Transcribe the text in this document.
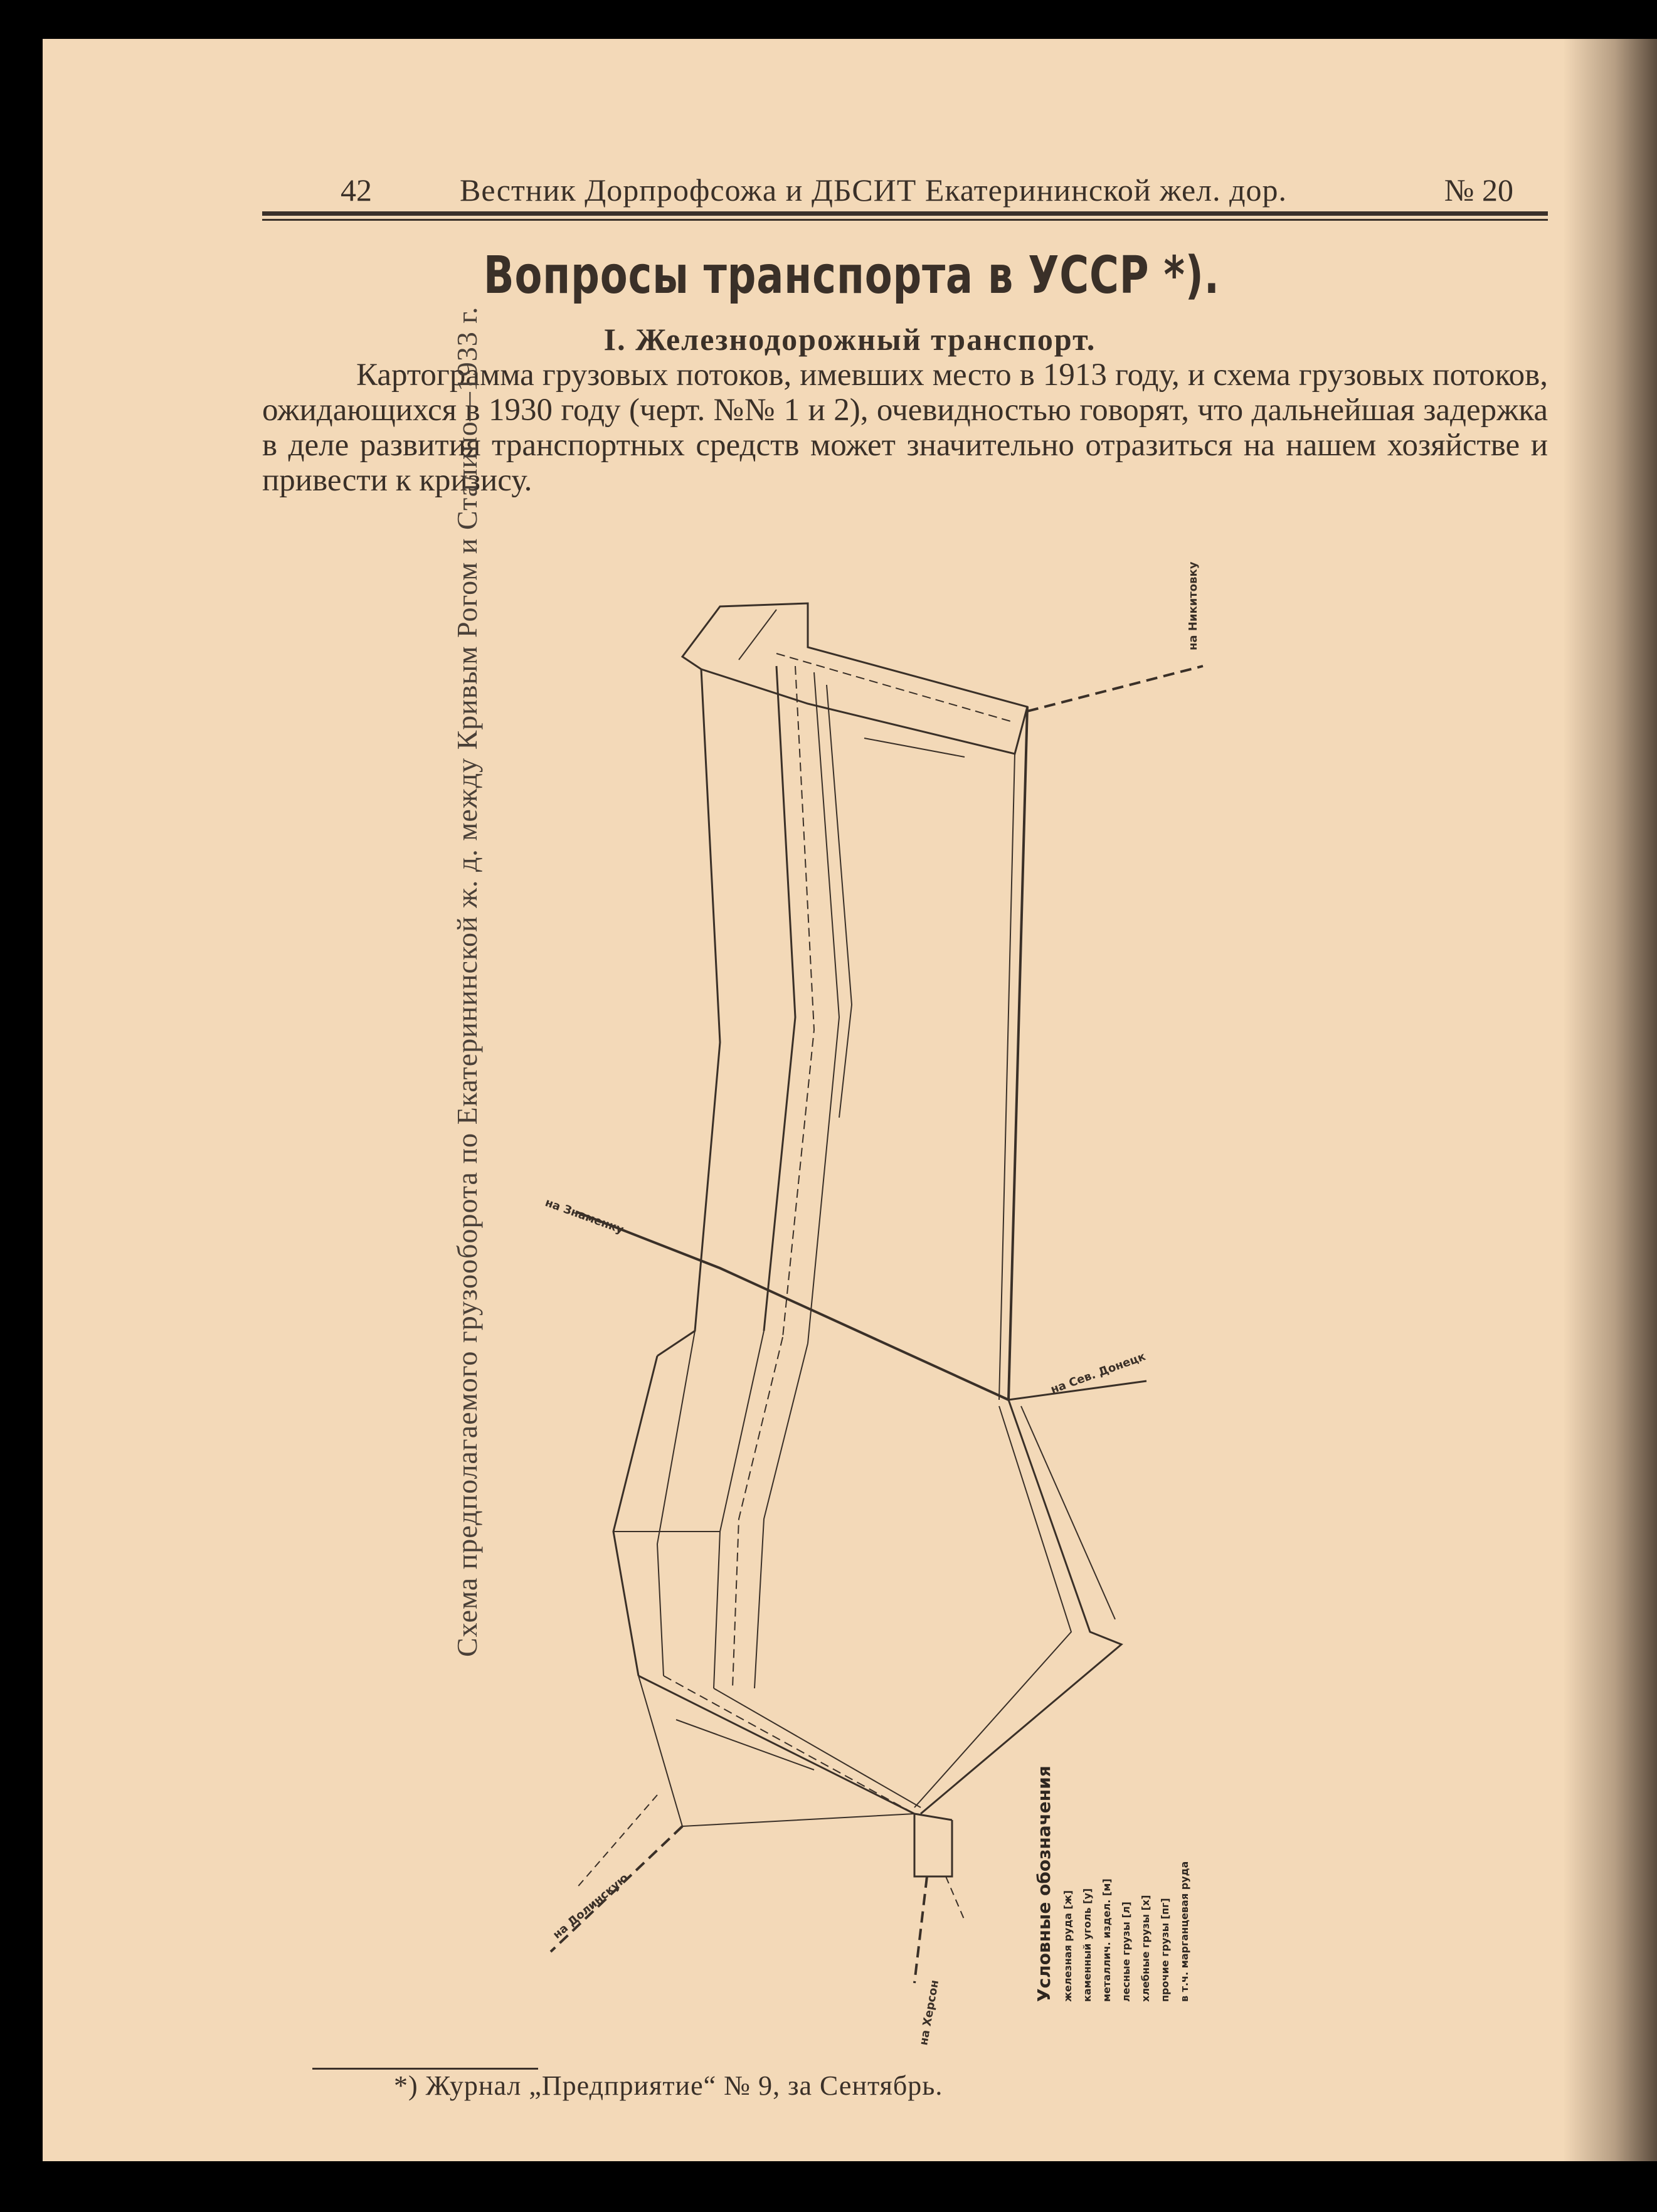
42	Вестник Дорпрофсожа и ДБСИТ Екатерининской жел. дор.	№ 20
Вопросы транспорта в УССР *).
I. Железнодорожный транспорт.

Картограмма грузовых потоков, имевших место в 1913 году, и схема грузовых потоков, ожидающихся в 1930 году (черт. №№ 1 и 2), очевидностью говорят, что дальнейшая задержка в деле развития транспортных средств может значительно отразиться на нашем хозяйстве и привести к кризису.

Схема предполагаемого грузооборота по Екатерининской ж. д. между Кривым Рогом и Сталино—1933 г.	на Никитовку
на Знаменку
на Сев. Донецк
на Долинскую
на Херсон
Условные обозначения железная руда [ж] каменный уголь [у] металлич. издел. [м] лесные грузы [л] хлебные грузы [х] прочие грузы [пг] в т.ч. марганцевая руда
*) Журнал „Предприятие“ № 9, за Сентябрь.
